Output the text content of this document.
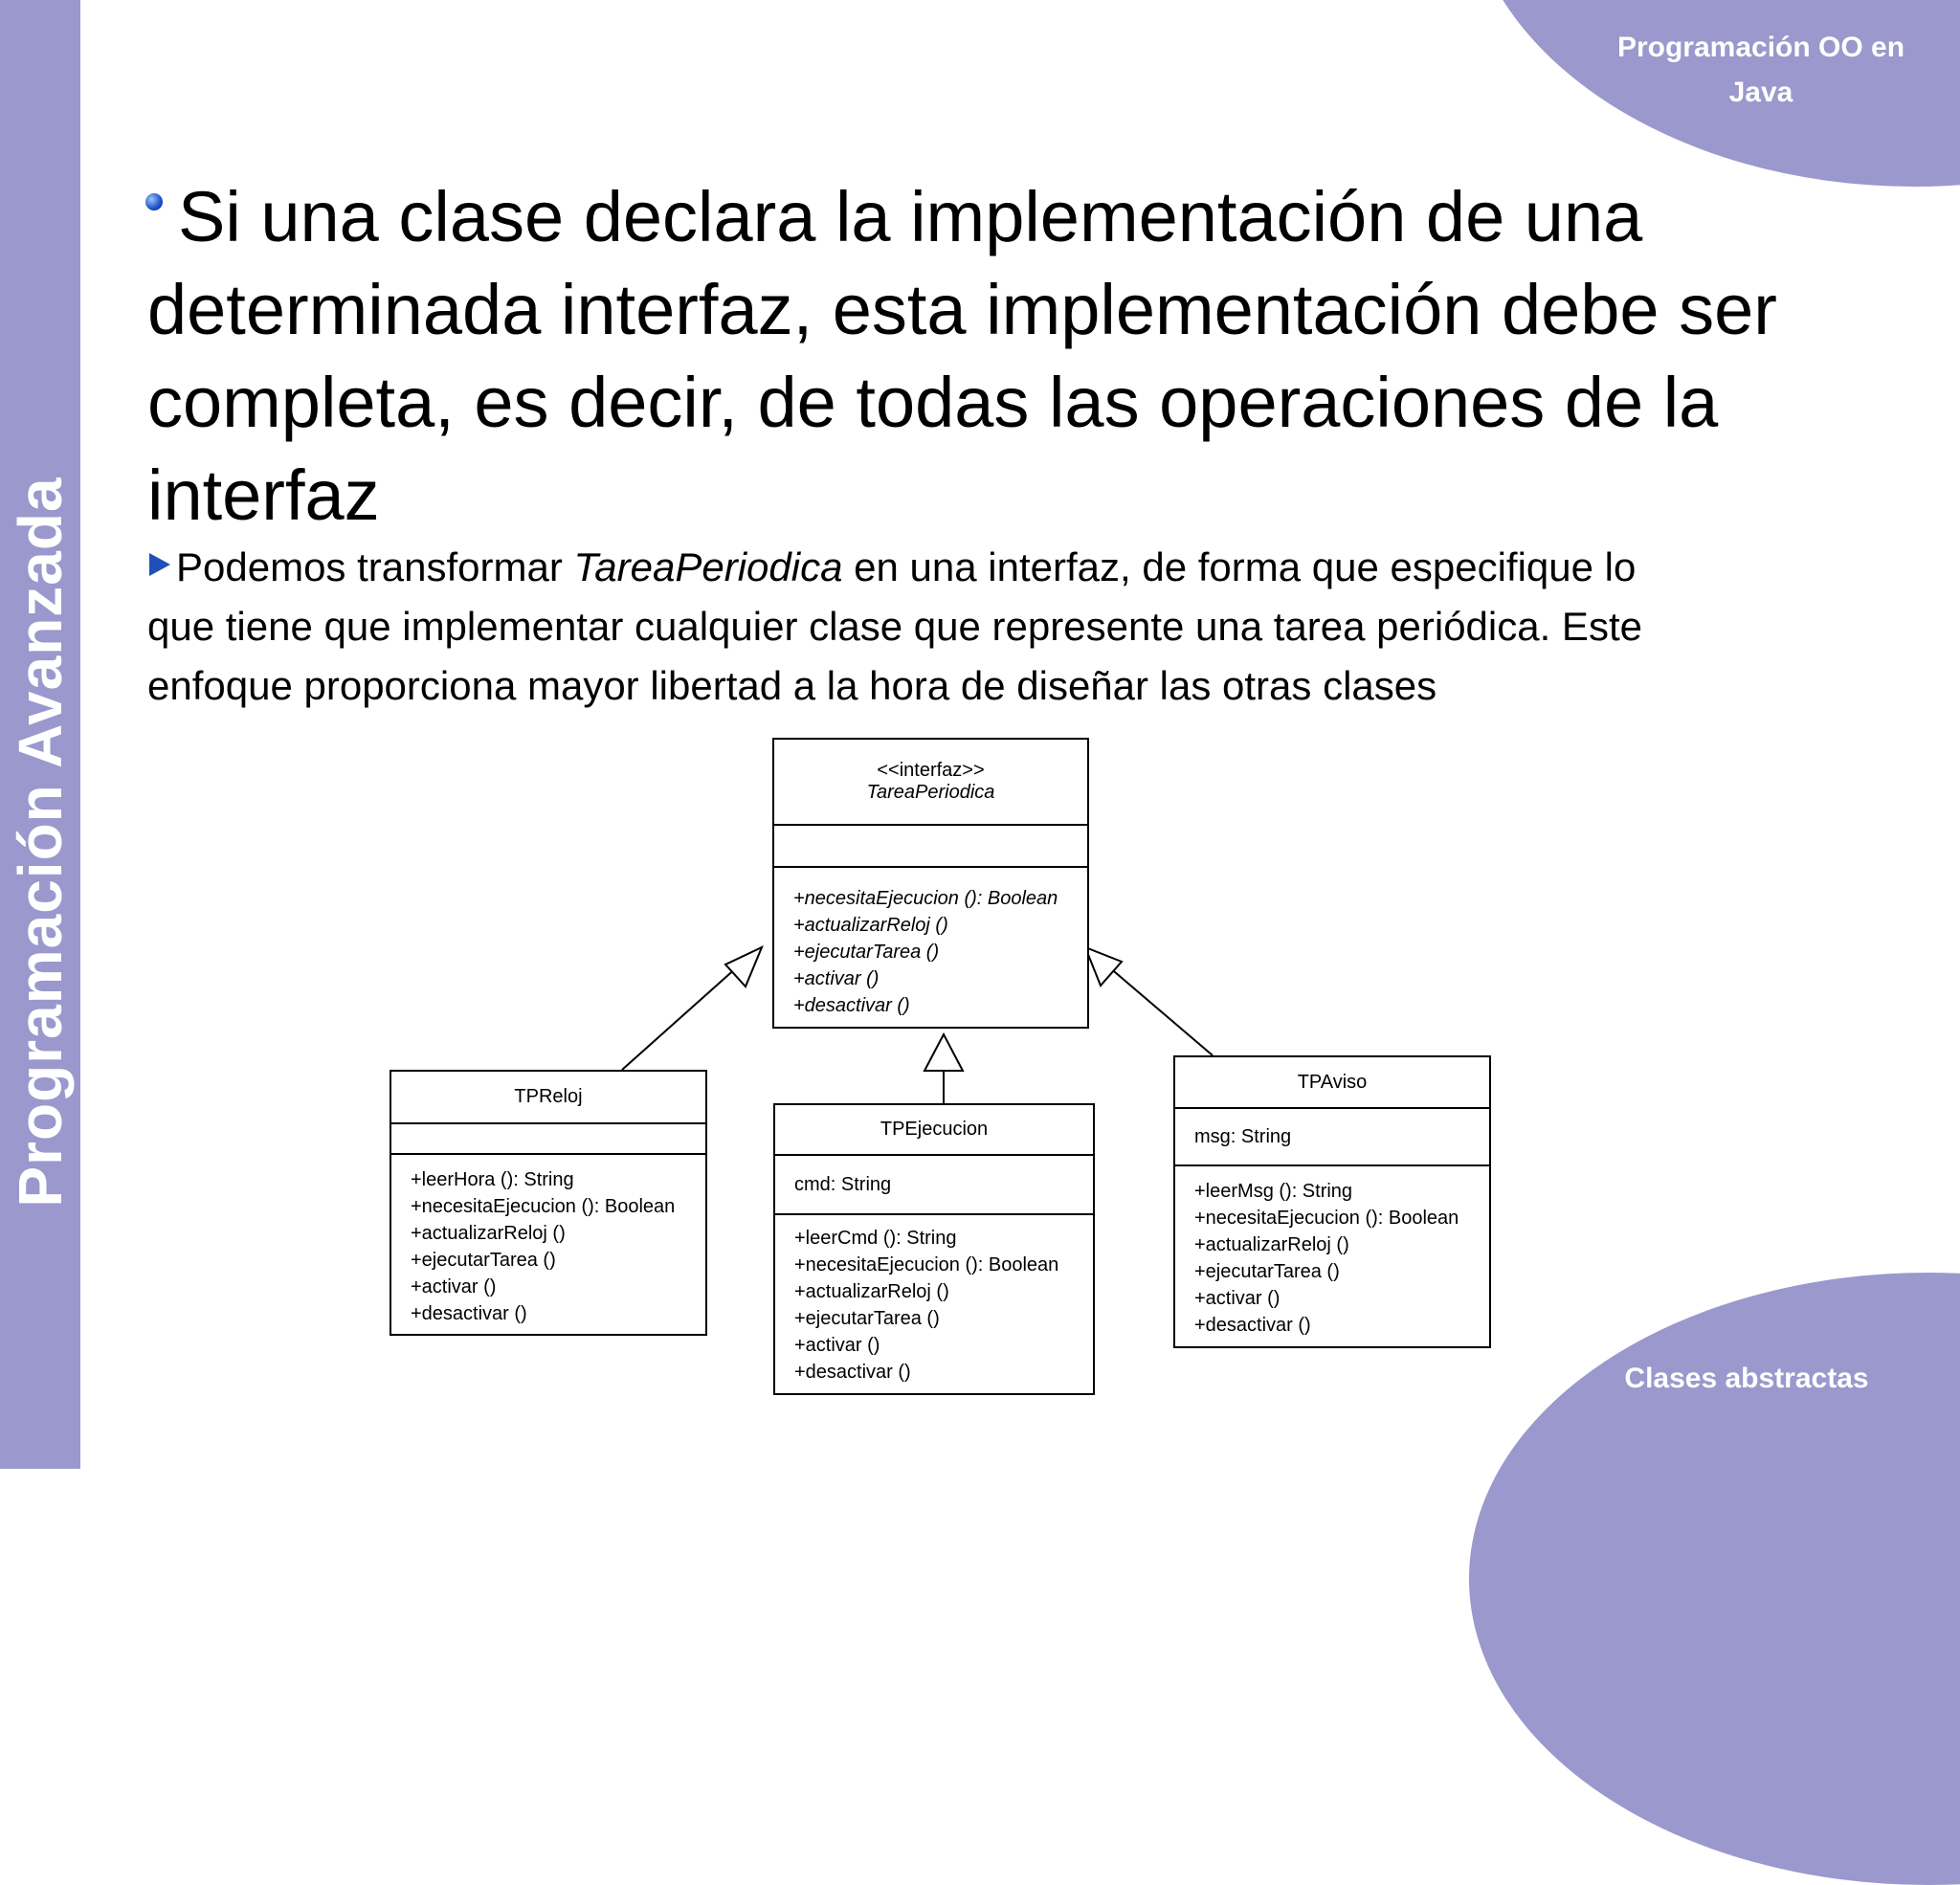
Programación Avanzada
Programación OO en
Java
Clases abstractas
Si una clase declara la implementación de una
determinada interfaz, esta implementación debe ser
completa, es decir, de todas las operaciones de la
interfaz
Podemos transformar TareaPeriodica en una interfaz, de forma que especifique lo
que tiene que implementar cualquier clase que represente una tarea periódica. Este
enfoque proporciona mayor libertad a la hora de diseñar las otras clases
<<interfaz>>
TareaPeriodica
+necesitaEjecucion (): Boolean
+actualizarReloj ()
+ejecutarTarea ()
+activar ()
+desactivar ()
TPReloj
+leerHora (): String
+necesitaEjecucion (): Boolean
+actualizarReloj ()
+ejecutarTarea ()
+activar ()
+desactivar ()
TPEjecucion
cmd: String
+leerCmd (): String
+necesitaEjecucion (): Boolean
+actualizarReloj ()
+ejecutarTarea ()
+activar ()
+desactivar ()
TPAviso
msg: String
+leerMsg (): String
+necesitaEjecucion (): Boolean
+actualizarReloj ()
+ejecutarTarea ()
+activar ()
+desactivar ()
